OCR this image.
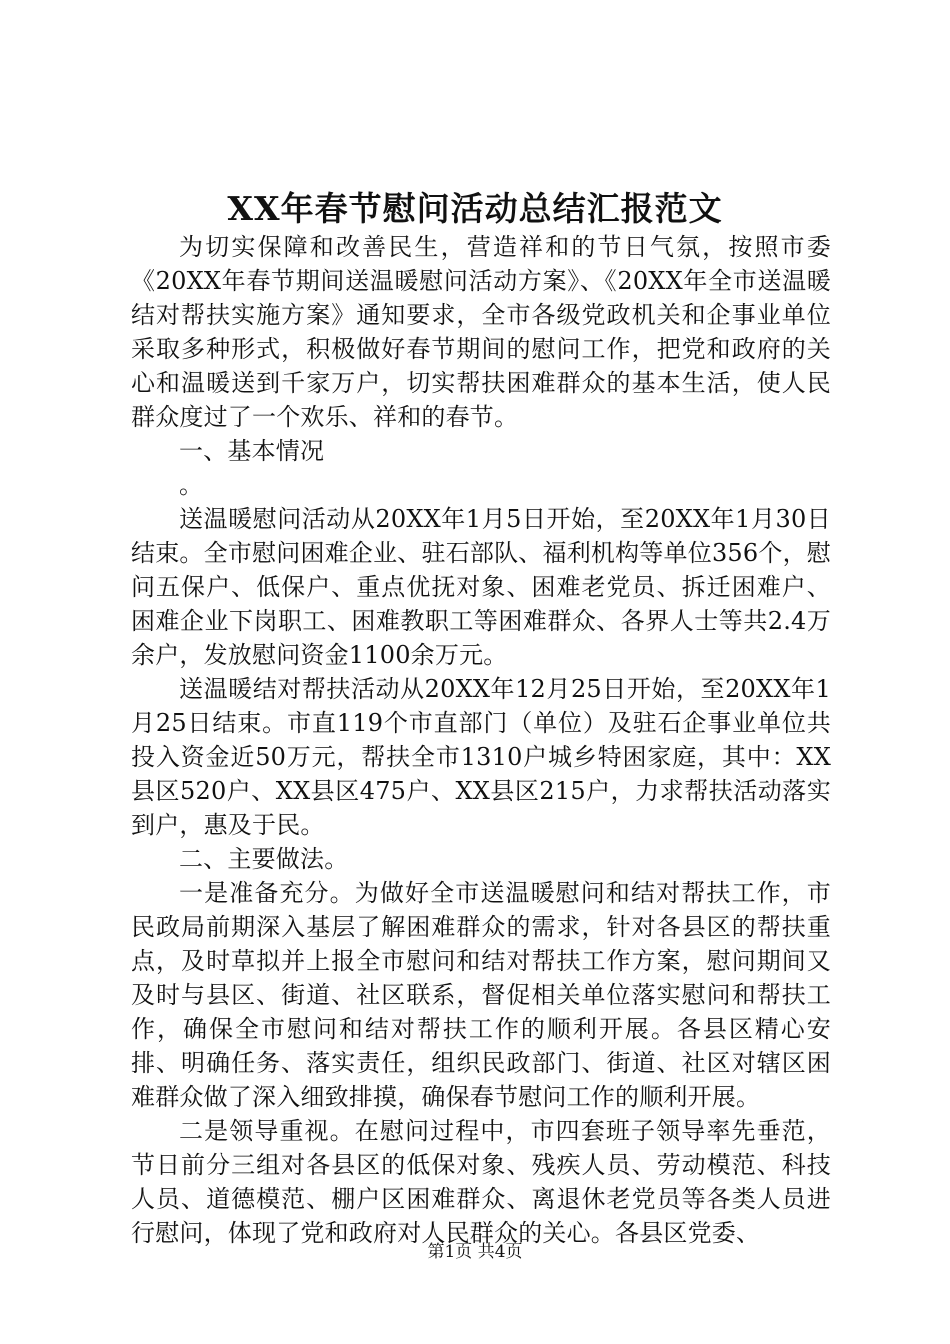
XX年春节慰问活动总结汇报范文

为切实保障和改善民生，营造祥和的节日气氛，按照市委《20XX年春节期间送温暖慰问活动方案》、《20XX年全市送温暖结对帮扶实施方案》通知要求，全市各级党政机关和企事业单位采取多种形式，积极做好春节期间的慰问工作，把党和政府的关心和温暖送到千家万户，切实帮扶困难群众的基本生活，使人民群众度过了一个欢乐、祥和的春节。

一、基本情况

。

送温暖慰问活动从20XX年1月5日开始，至20XX年1月30日结束。全市慰问困难企业、驻石部队、福利机构等单位356个，慰问五保户、低保户、重点优抚对象、困难老党员、拆迁困难户、困难企业下岗职工、困难教职工等困难群众、各界人士等共2.4万余户，发放慰问资金1100余万元。

送温暖结对帮扶活动从20XX年12月25日开始，至20XX年1月25日结束。市直119个市直部门（单位）及驻石企事业单位共投入资金近50万元，帮扶全市1310户城乡特困家庭，其中：XX县区520户、XX县区475户、XX县区215户，力求帮扶活动落实到户，惠及于民。

二、主要做法。

一是准备充分。为做好全市送温暖慰问和结对帮扶工作，市民政局前期深入基层了解困难群众的需求，针对各县区的帮扶重点，及时草拟并上报全市慰问和结对帮扶工作方案，慰问期间又及时与县区、街道、社区联系，督促相关单位落实慰问和帮扶工作，确保全市慰问和结对帮扶工作的顺利开展。各县区精心安排、明确任务、落实责任，组织民政部门、街道、社区对辖区困难群众做了深入细致排摸，确保春节慰问工作的顺利开展。

二是领导重视。在慰问过程中，市四套班子领导率先垂范，节日前分三组对各县区的低保对象、残疾人员、劳动模范、科技人员、道德模范、棚户区困难群众、离退休老党员等各类人员进行慰问，体现了党和政府对人民群众的关心。各县区党委、

第1页 共4页
